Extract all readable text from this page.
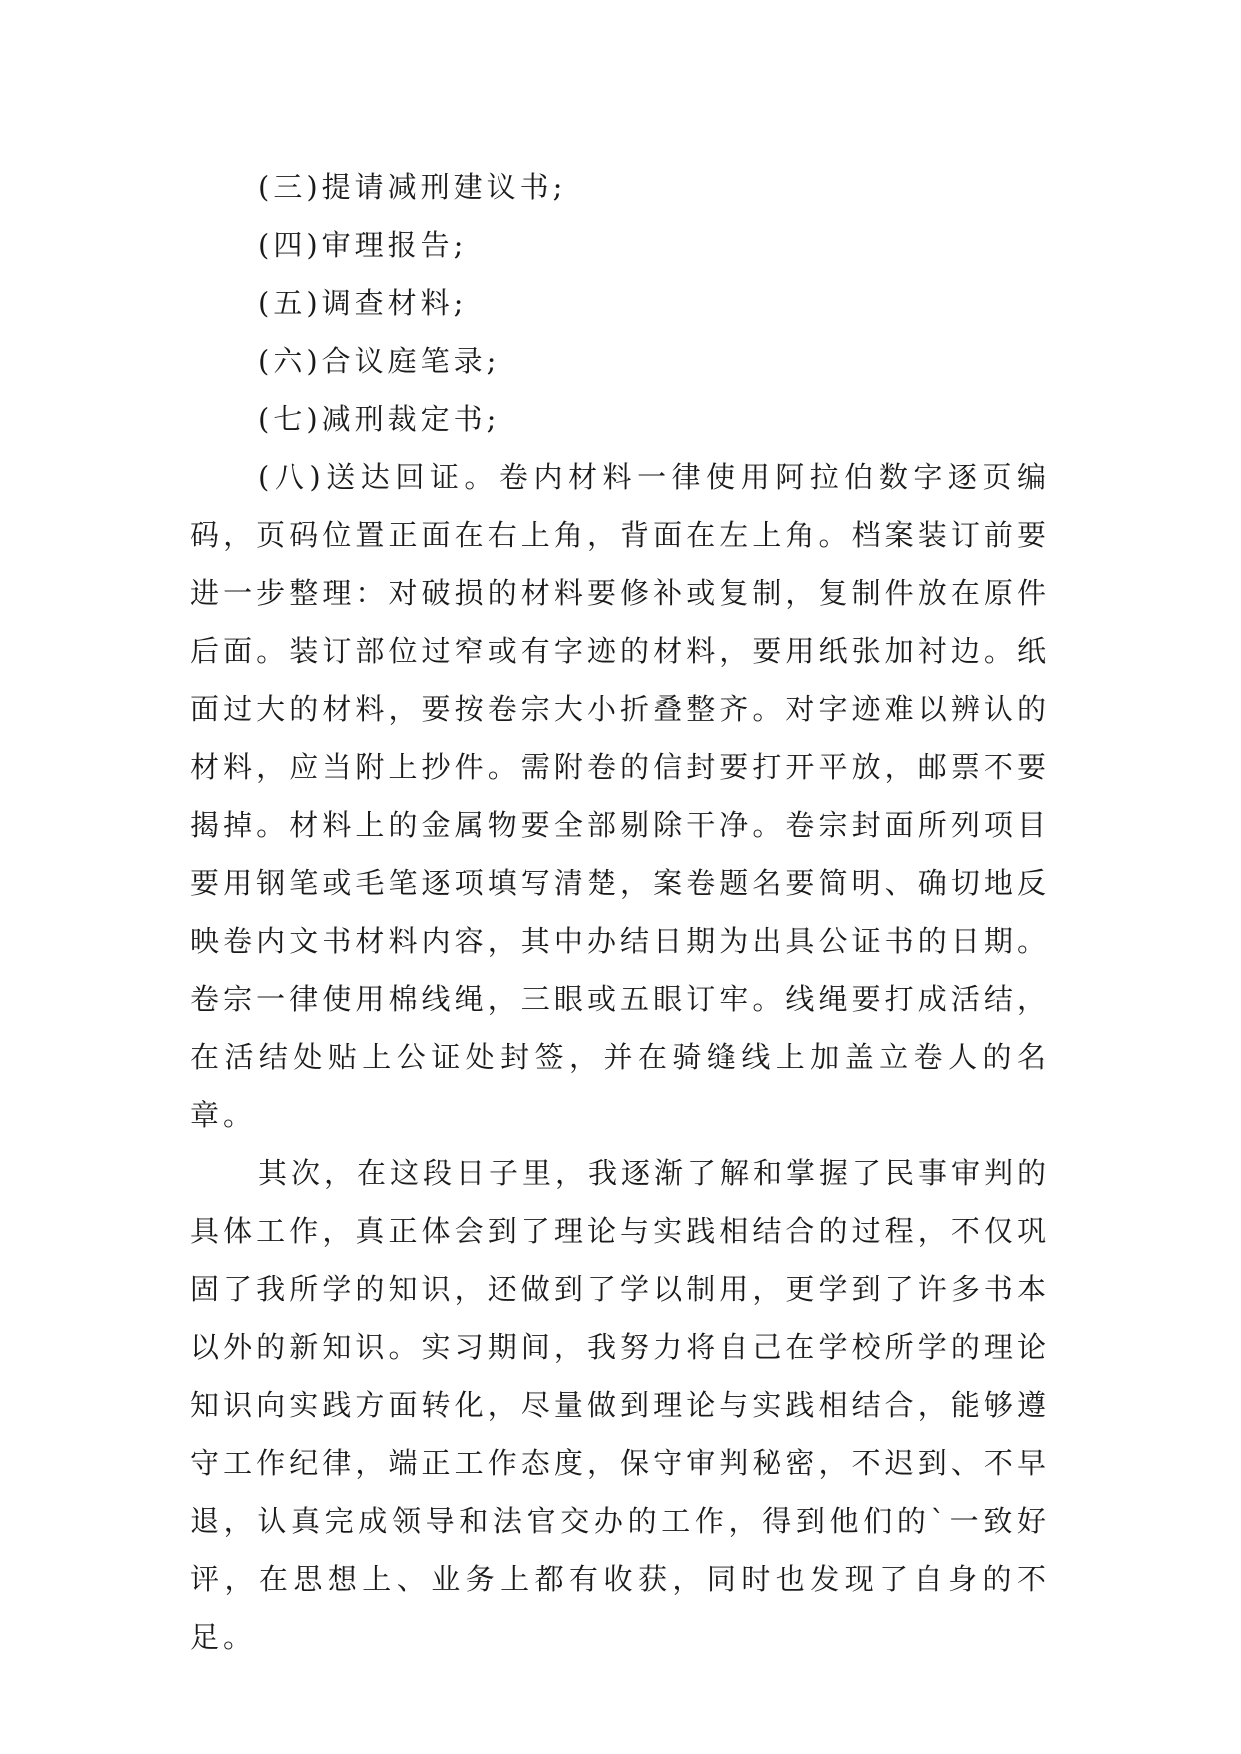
(三)提请减刑建议书;

(四)审理报告;

(五)调查材料;

(六)合议庭笔录;

(七)减刑裁定书;

(八)送达回证。卷内材料一律使用阿拉伯数字逐页编码，页码位置正面在右上角，背面在左上角。档案装订前要进一步整理：对破损的材料要修补或复制，复制件放在原件后面。装订部位过窄或有字迹的材料，要用纸张加衬边。纸面过大的材料，要按卷宗大小折叠整齐。对字迹难以辨认的材料，应当附上抄件。需附卷的信封要打开平放，邮票不要揭掉。材料上的金属物要全部剔除干净。卷宗封面所列项目要用钢笔或毛笔逐项填写清楚，案卷题名要简明、确切地反映卷内文书材料内容，其中办结日期为出具公证书的日期。卷宗一律使用棉线绳，三眼或五眼订牢。线绳要打成活结，在活结处贴上公证处封签，并在骑缝线上加盖立卷人的名章。

其次，在这段日子里，我逐渐了解和掌握了民事审判的具体工作，真正体会到了理论与实践相结合的过程，不仅巩固了我所学的知识，还做到了学以制用，更学到了许多书本以外的新知识。实习期间，我努力将自己在学校所学的理论知识向实践方面转化，尽量做到理论与实践相结合，能够遵守工作纪律，端正工作态度，保守审判秘密，不迟到、不早退，认真完成领导和法官交办的工作，得到他们的`一致好评，在思想上、业务上都有收获，同时也发现了自身的不足。
